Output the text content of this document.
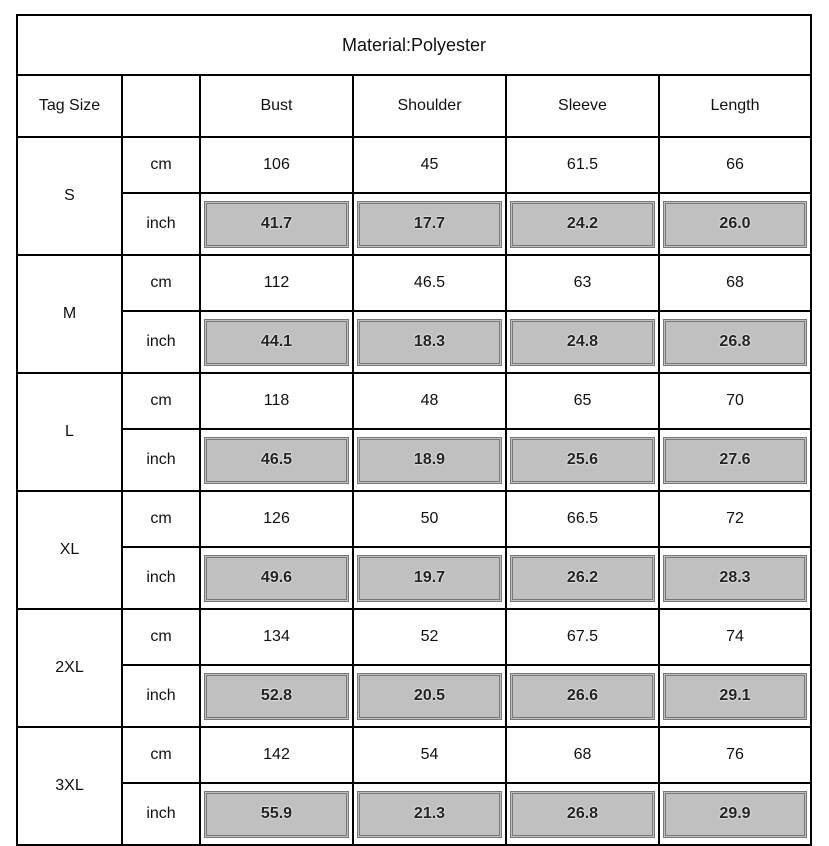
Material:Polyester					
Tag Size		Bust	Shoulder	Sleeve	Length
S	cm	106	45	61.5	66
	inch	41.7	17.7	24.2	26.0

M	cm	112	46.5	63	68
	inch	44.1	18.3	24.8	26.8

L	cm	118	48	65	70
	inch	46.5	18.9	25.6	27.6

XL	cm	126	50	66.5	72
	inch	49.6	19.7	26.2	28.3

2XL	cm	134	52	67.5	74
	inch	52.8	20.5	26.6	29.1

3XL	cm	142	54	68	76
	inch	55.9	21.3	26.8	29.9
